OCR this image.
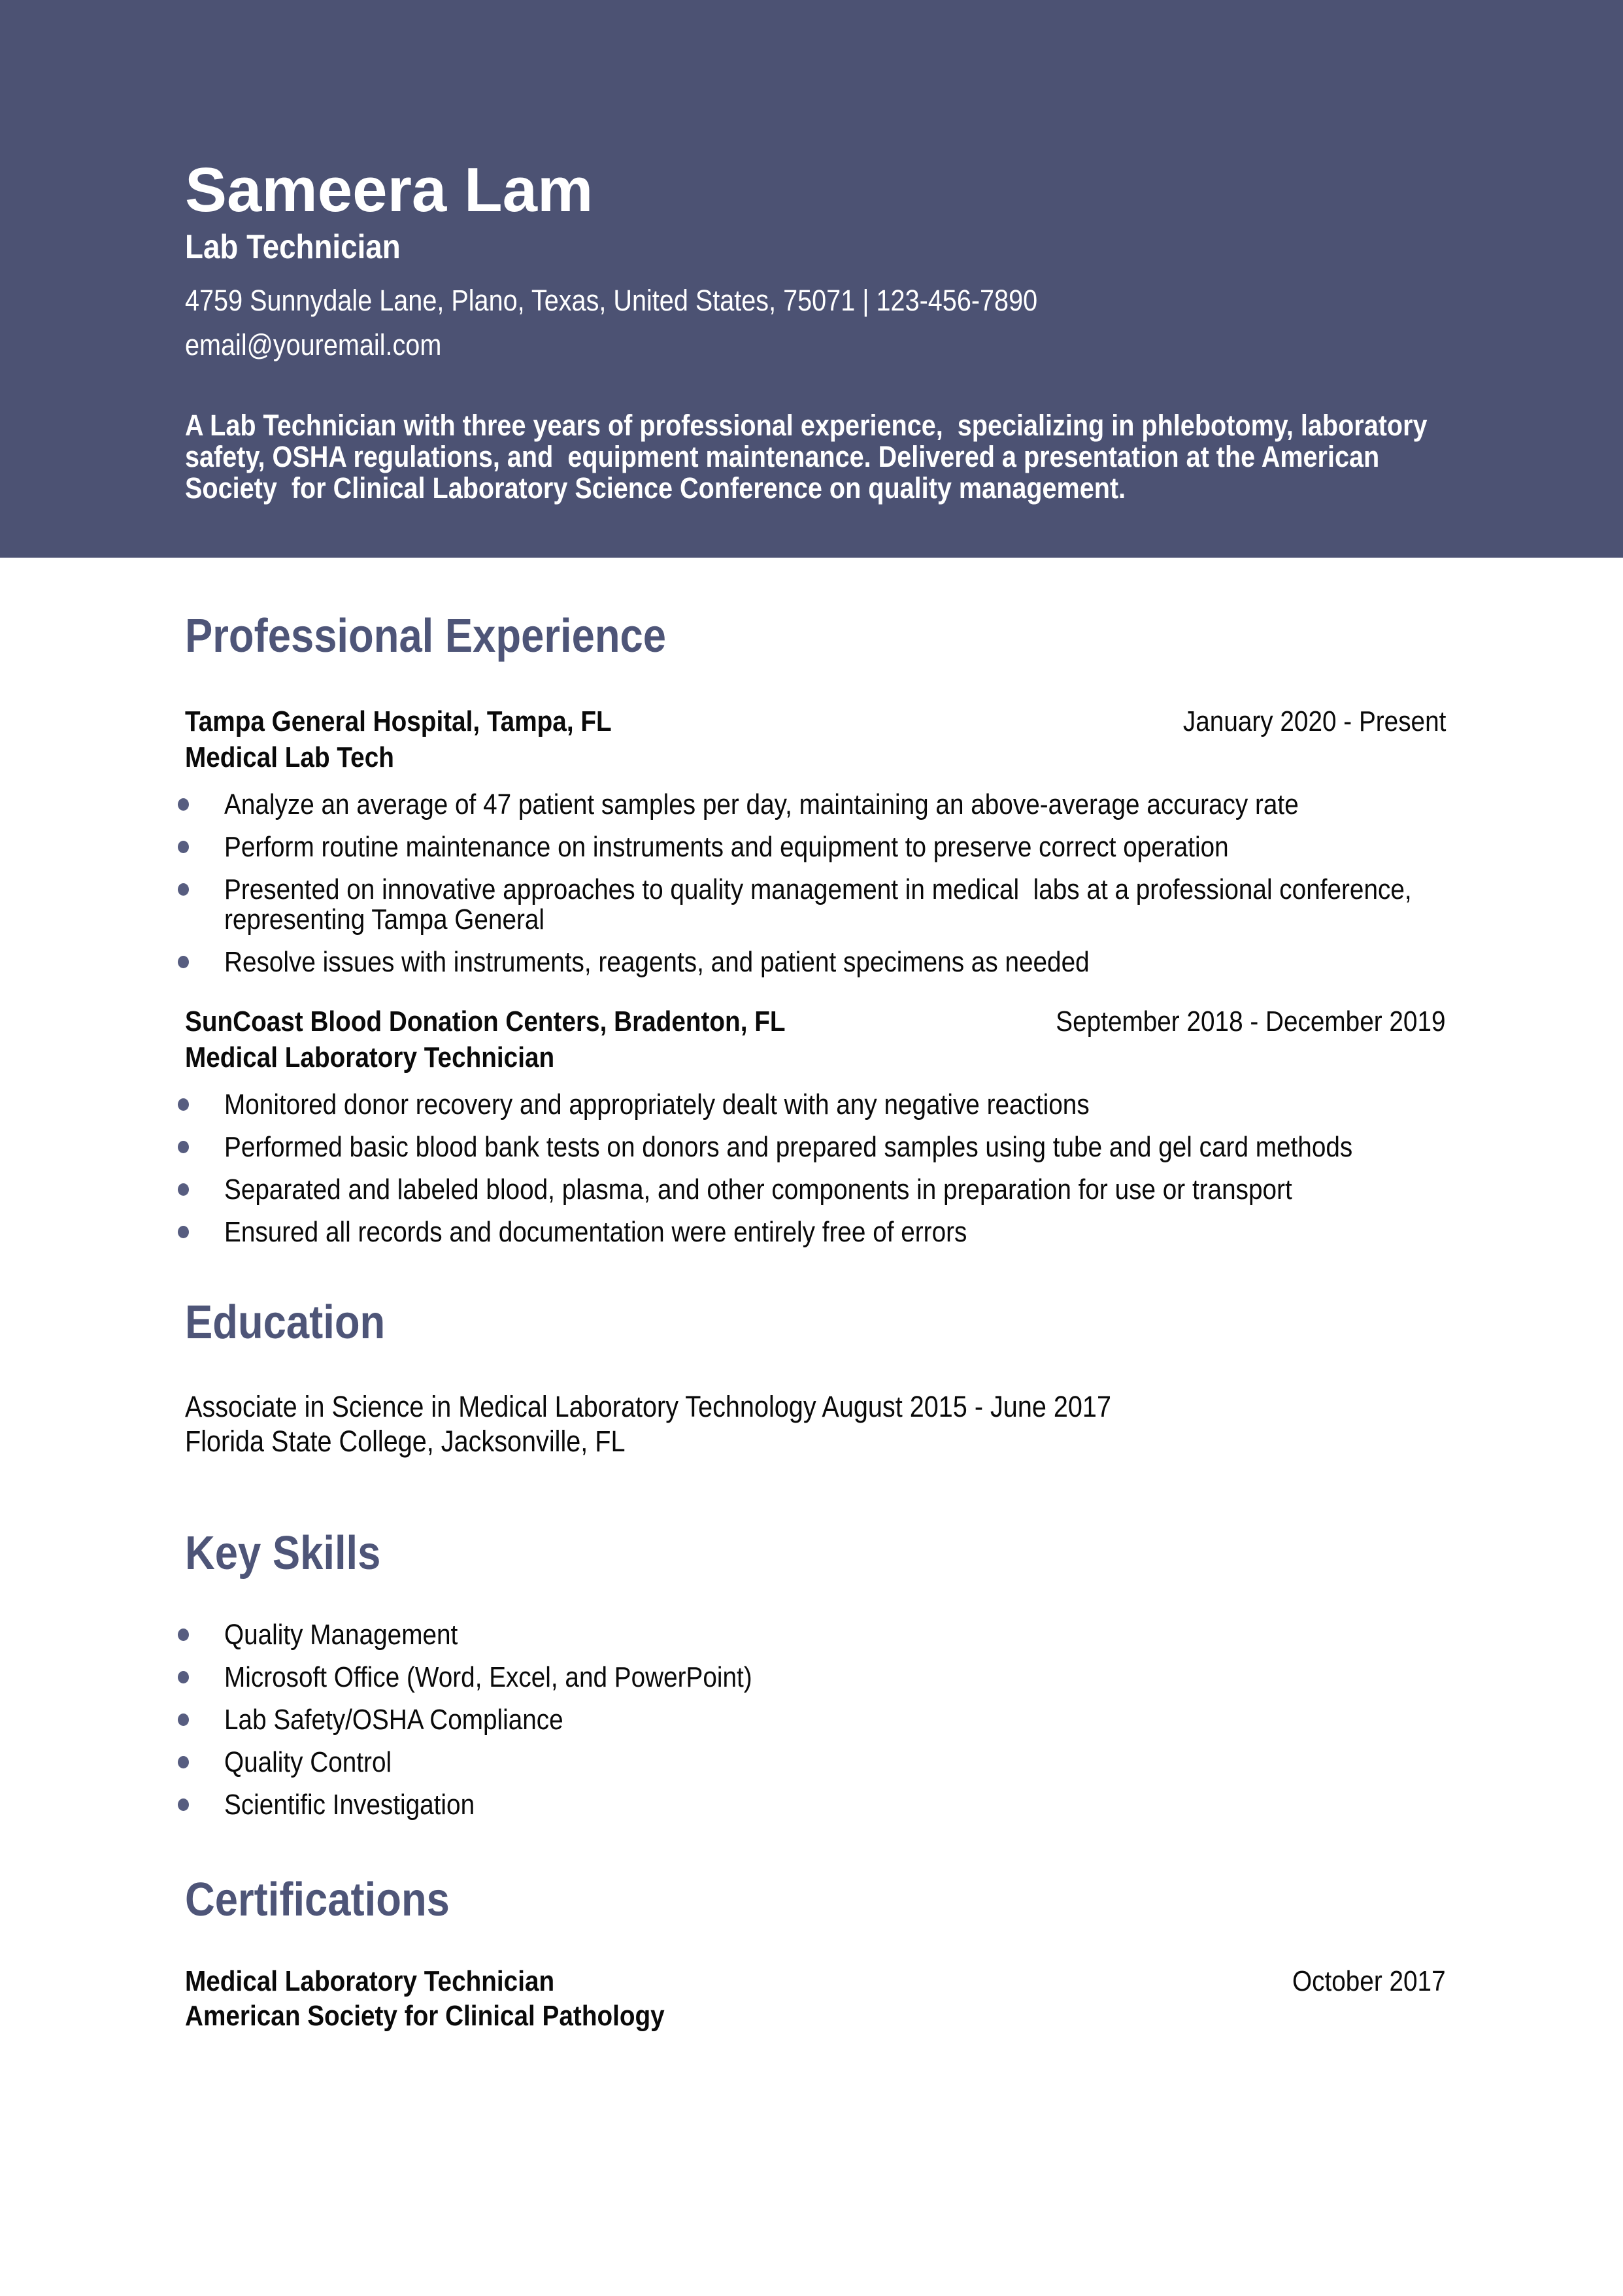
Sameera Lam
Lab Technician
4759 Sunnydale Lane, Plano, Texas, United States, 75071 | 123-456-7890
email@youremail.com

A Lab Technician with three years of professional experience,  specializing in phlebotomy, laboratory safety, OSHA regulations, and  equipment maintenance. Delivered a presentation at the American Society  for Clinical Laboratory Science Conference on quality management.

Professional Experience
Tampa General Hospital, Tampa, FL	January 2020 - Present
Medical Lab Tech
Analyze an average of 47 patient samples per day, maintaining an above-average accuracy rate
Perform routine maintenance on instruments and equipment to preserve correct operation
Presented on innovative approaches to quality management in medical  labs at a professional conference, representing Tampa General
Resolve issues with instruments, reagents, and patient specimens as needed
SunCoast Blood Donation Centers, Bradenton, FL	September 2018 - December 2019
Medical Laboratory Technician
Monitored donor recovery and appropriately dealt with any negative reactions
Performed basic blood bank tests on donors and prepared samples using tube and gel card methods
Separated and labeled blood, plasma, and other components in preparation for use or transport
Ensured all records and documentation were entirely free of errors
Education
Associate in Science in Medical Laboratory Technology August 2015 - June 2017
Florida State College, Jacksonville, FL
Key Skills
Quality Management
Microsoft Office (Word, Excel, and PowerPoint)
Lab Safety/OSHA Compliance
Quality Control
Scientific Investigation
Certifications
Medical Laboratory Technician	October 2017
American Society for Clinical Pathology
